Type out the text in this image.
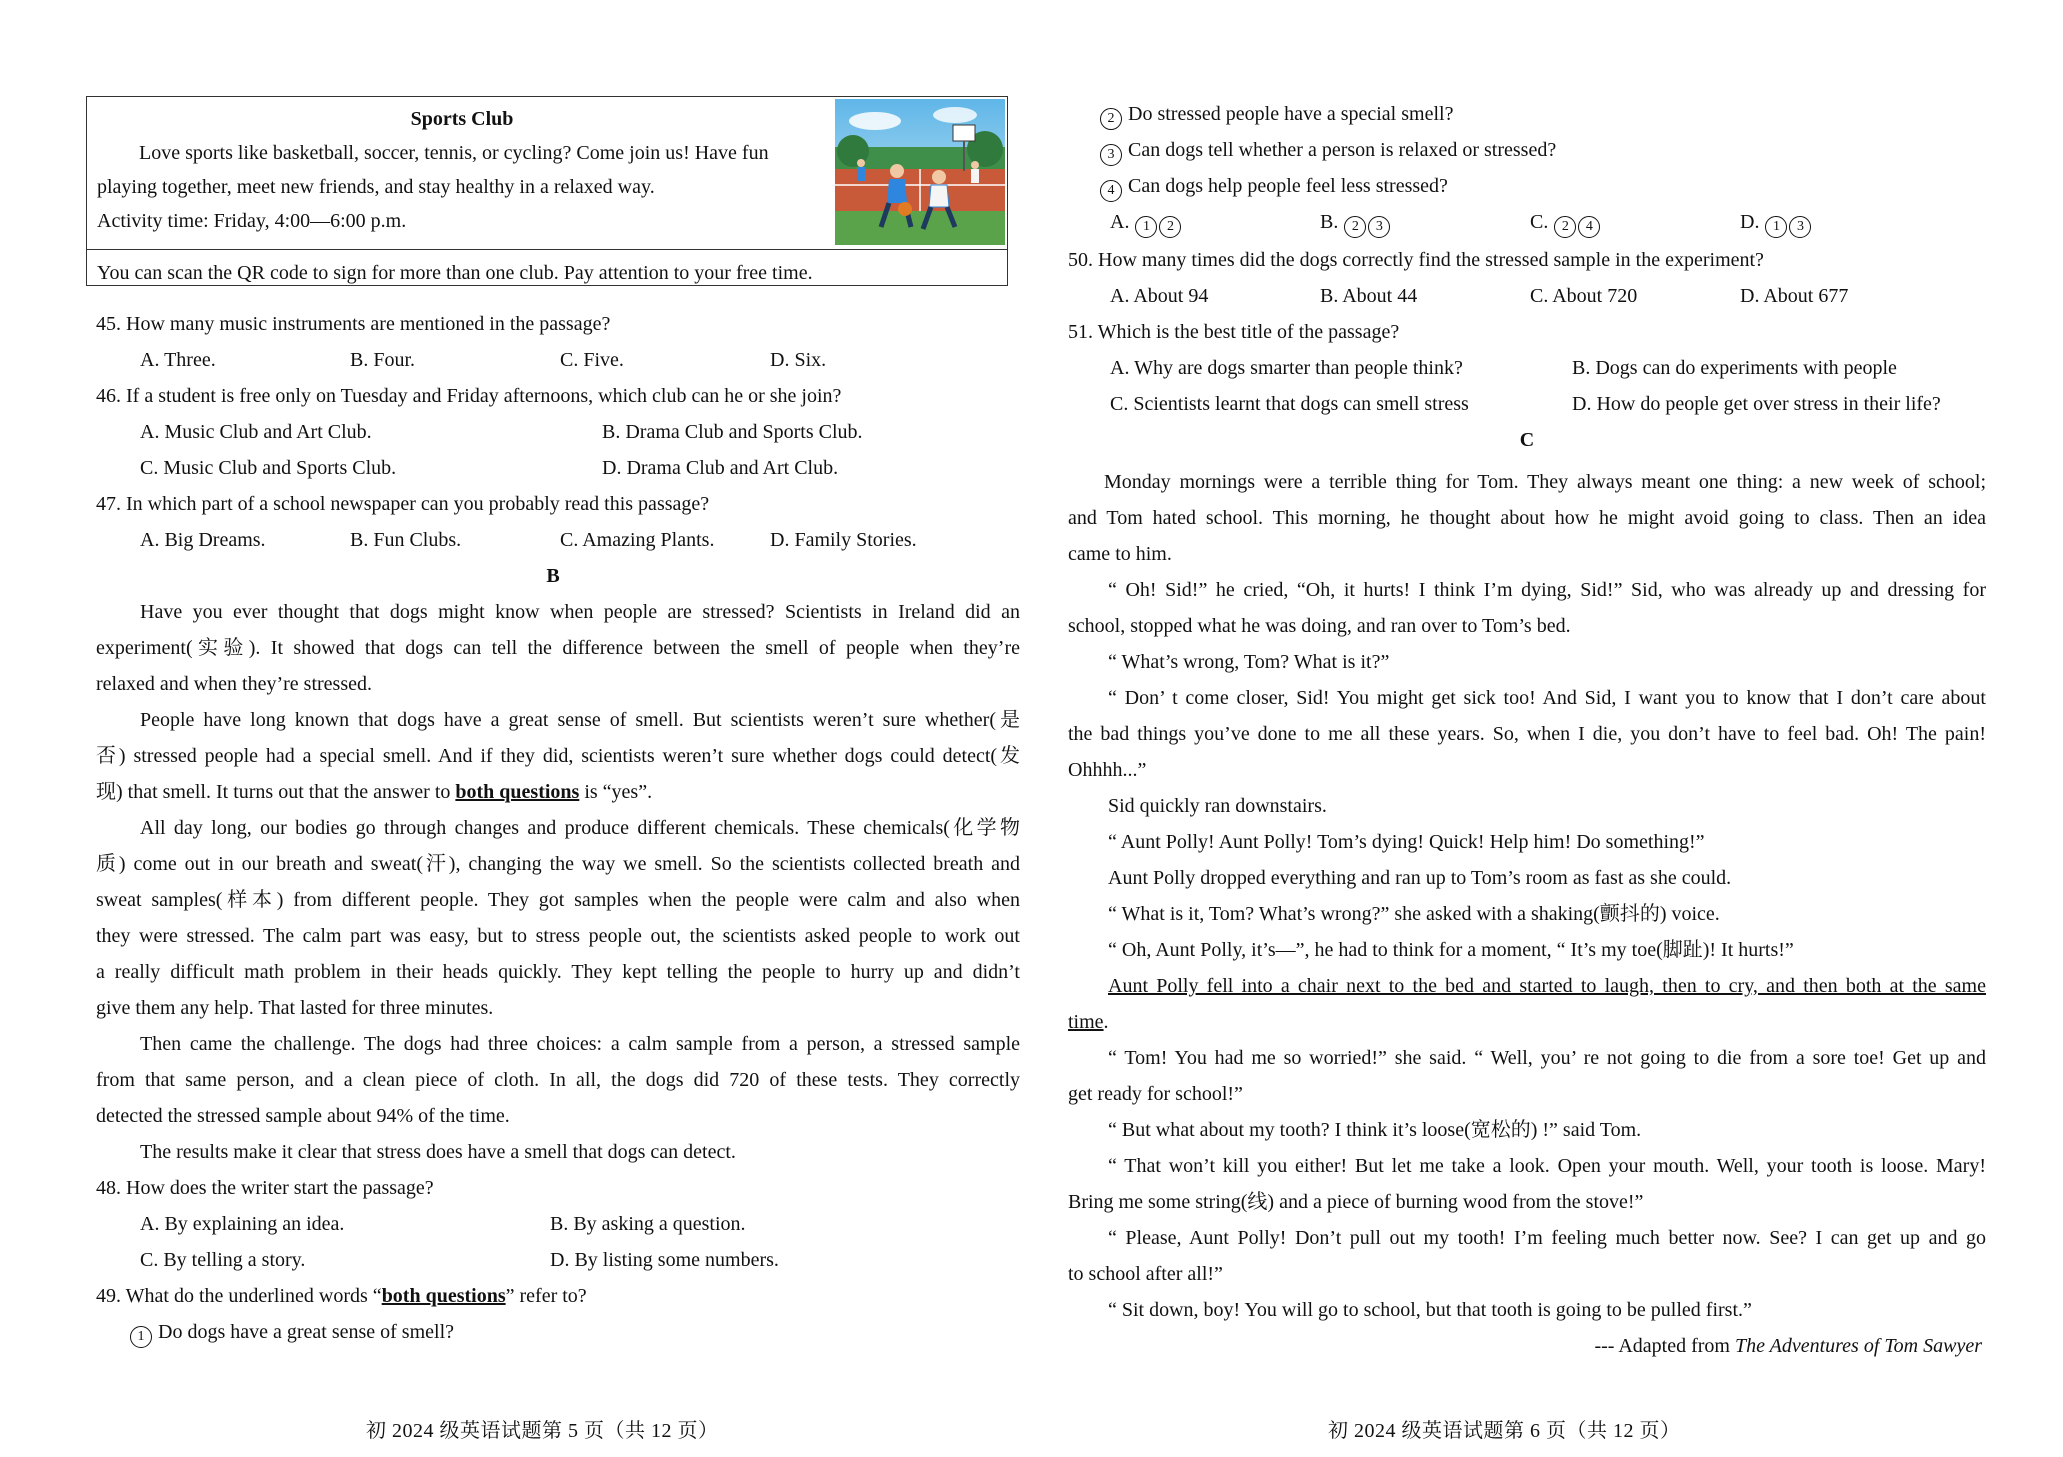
Sports Club
Love sports like basketball, soccer, tennis, or cycling? Come join us! Have fun
playing together, meet new friends, and stay healthy in a relaxed way.
Activity time: Friday, 4:00—6:00 p.m.
You can scan the QR code to sign for more than one club. Pay attention to your free time.
45. How many music instruments are mentioned in the passage?
A. Three.	B. Four.	C. Five.	D. Six.
46. If a student is free only on Tuesday and Friday afternoons, which club can he or she join?
A. Music Club and Art Club.	B. Drama Club and Sports Club.
C. Music Club and Sports Club.	D. Drama Club and Art Club.
47. In which part of a school newspaper can you probably read this passage?
A. Big Dreams.	B. Fun Clubs.	C. Amazing Plants.	D. Family Stories.
B
Have you ever thought that dogs might know when people are stressed? Scientists in Ireland did an
experiment(实验). It showed that dogs can tell the difference between the smell of people when they’re
relaxed and when they’re stressed.
People have long known that dogs have a great sense of smell. But scientists weren’t sure whether(是
否) stressed people had a special smell. And if they did, scientists weren’t sure whether dogs could detect(发
现) that smell. It turns out that the answer to both questions is “yes”.
All day long, our bodies go through changes and produce different chemicals. These chemicals(化学物
质) come out in our breath and sweat(汗), changing the way we smell. So the scientists collected breath and
sweat samples(样本) from different people. They got samples when the people were calm and also when
they were stressed. The calm part was easy, but to stress people out, the scientists asked people to work out
a really difficult math problem in their heads quickly. They kept telling the people to hurry up and didn’t
give them any help. That lasted for three minutes.
Then came the challenge. The dogs had three choices: a calm sample from a person, a stressed sample
from that same person, and a clean piece of cloth. In all, the dogs did 720 of these tests. They correctly
detected the stressed sample about 94% of the time.
The results make it clear that stress does have a smell that dogs can detect.
48. How does the writer start the passage?
A. By explaining an idea.	B. By asking a question.
C. By telling a story.	D. By listing some numbers.
49. What do the underlined words “both questions” refer to?
1 Do dogs have a great sense of smell?
初 2024 级英语试题第 5 页（共 12 页）
2 Do stressed people have a special smell?
3 Can dogs tell whether a person is relaxed or stressed?
4 Can dogs help people feel less stressed?
A. 1 2	B. 2 3	C. 2 4	D. 1 3
50. How many times did the dogs correctly find the stressed sample in the experiment?
A. About 94	B. About 44	C. About 720	D. About 677
51. Which is the best title of the passage?
A. Why are dogs smarter than people think?	B. Dogs can do experiments with people
C. Scientists learnt that dogs can smell stress	D. How do people get over stress in their life?
C
Monday mornings were a terrible thing for Tom. They always meant one thing: a new week of school;
and Tom hated school. This morning, he thought about how he might avoid going to class. Then an idea
came to him.
“ Oh! Sid!” he cried, “Oh, it hurts! I think I’m dying, Sid!” Sid, who was already up and dressing for
school, stopped what he was doing, and ran over to Tom’s bed.
“ What’s wrong, Tom? What is it?”
“ Don’ t come closer, Sid! You might get sick too! And Sid, I want you to know that I don’t care about
the bad things you’ve done to me all these years. So, when I die, you don’t have to feel bad. Oh! The pain!
Ohhhh...”
Sid quickly ran downstairs.
“ Aunt Polly! Aunt Polly! Tom’s dying! Quick! Help him! Do something!”
Aunt Polly dropped everything and ran up to Tom’s room as fast as she could.
“ What is it, Tom? What’s wrong?” she asked with a shaking(颤抖的) voice.
“ Oh, Aunt Polly, it’s—”, he had to think for a moment, “ It’s my toe(脚趾)! It hurts!”
Aunt Polly fell into a chair next to the bed and started to laugh, then to cry, and then both at the same
time.
“ Tom! You had me so worried!” she said. “ Well, you’ re not going to die from a sore toe! Get up and
get ready for school!”
“ But what about my tooth? I think it’s loose(宽松的) !” said Tom.
“ That won’t kill you either! But let me take a look. Open your mouth. Well, your tooth is loose. Mary!
Bring me some string(线) and a piece of burning wood from the stove!”
“ Please, Aunt Polly! Don’t pull out my tooth! I’m feeling much better now. See? I can get up and go
to school after all!”
“ Sit down, boy! You will go to school, but that tooth is going to be pulled first.”
--- Adapted from The Adventures of Tom Sawyer
初 2024 级英语试题第 6 页（共 12 页）
